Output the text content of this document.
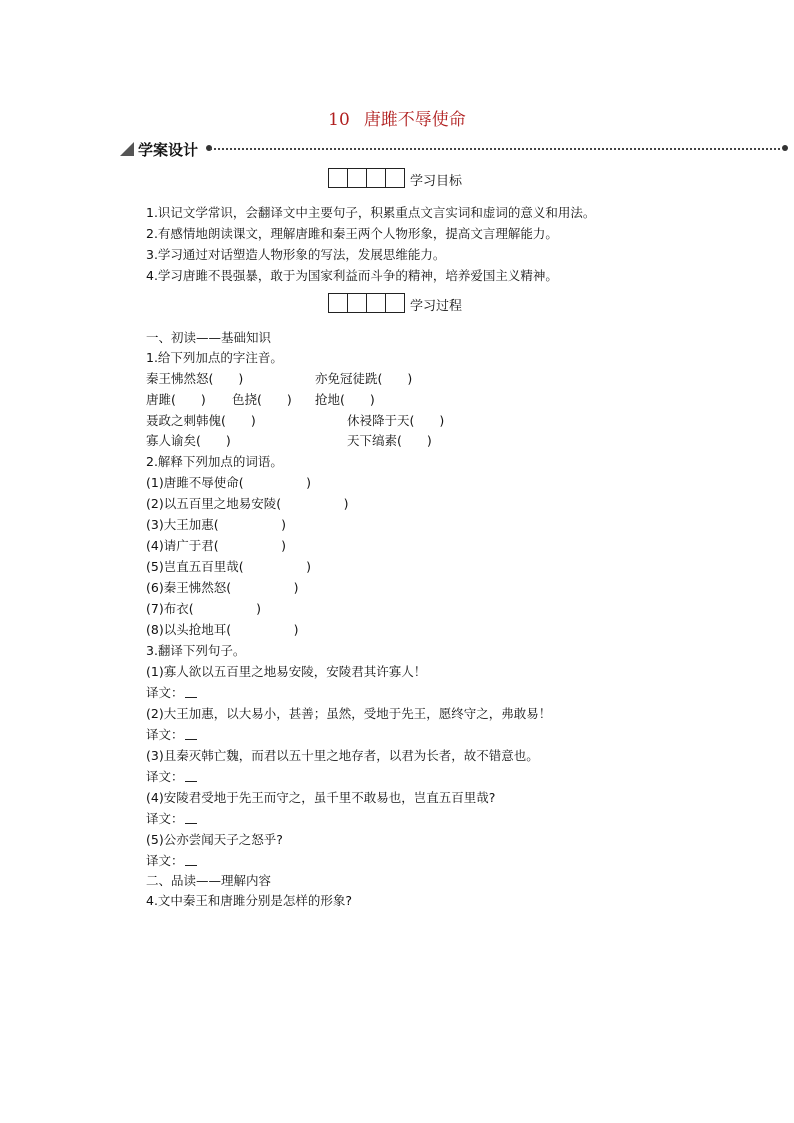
10 唐雎不辱使命
学案设计
学习目标
1.识记文学常识，会翻译文中主要句子，积累重点文言实词和虚词的意义和用法。
2.有感情地朗读课文，理解唐雎和秦王两个人物形象，提高文言理解能力。
3.学习通过对话塑造人物形象的写法，发展思维能力。
4.学习唐雎不畏强暴，敢于为国家利益而斗争的精神，培养爱国主义精神。
学习过程
一、初读——基础知识
1.给下列加点的字注音。
秦王怫然怒(　　)	亦免冠徒跣(　　)
唐雎(　　) 色挠(　　) 抢地(　　)
聂政之刺韩傀(　　)	休祲降于天(　　)
寡人谕矣(　　)	天下缟素(　　)
2.解释下列加点的词语。
(1)唐雎不辱使命(　　　　　)
(2)以五百里之地易安陵(　　　　　)
(3)大王加惠(　　　　　)
(4)请广于君(　　　　　)
(5)岂直五百里哉(　　　　　)
(6)秦王怫然怒(　　　　　)
(7)布衣(　　　　　)
(8)以头抢地耳(　　　　　)
3.翻译下列句子。
(1)寡人欲以五百里之地易安陵，安陵君其许寡人！
译文：
(2)大王加惠，以大易小，甚善；虽然，受地于先王，愿终守之，弗敢易！
译文：
(3)且秦灭韩亡魏，而君以五十里之地存者，以君为长者，故不错意也。
译文：
(4)安陵君受地于先王而守之，虽千里不敢易也，岂直五百里哉?
译文：
(5)公亦尝闻天子之怒乎?
译文：
二、品读——理解内容
4.文中秦王和唐雎分别是怎样的形象?
